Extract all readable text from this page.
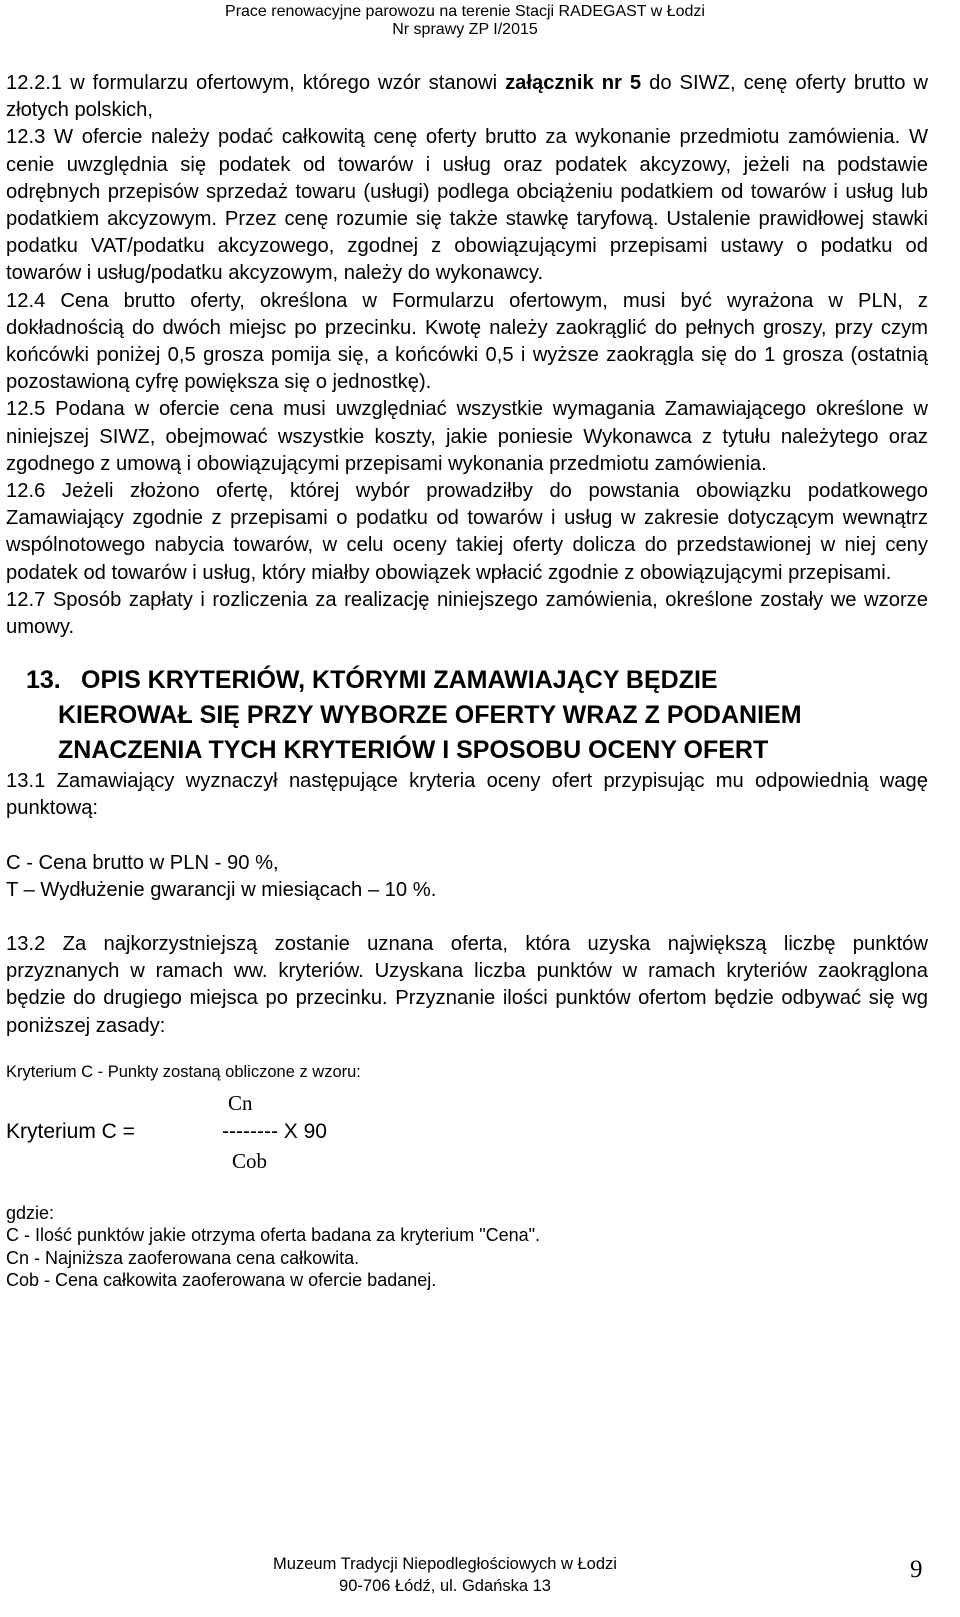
Prace renowacyjne parowozu na terenie Stacji RADEGAST w Łodzi
Nr sprawy ZP I/2015

12.2.1 w formularzu ofertowym, którego wzór stanowi załącznik nr 5 do SIWZ, cenę oferty brutto w złotych polskich,

12.3 W ofercie należy podać całkowitą cenę oferty brutto za wykonanie przedmiotu zamówienia. W cenie uwzględnia się podatek od towarów i usług oraz podatek akcyzowy, jeżeli na podstawie odrębnych przepisów sprzedaż towaru (usługi) podlega obciążeniu podatkiem od towarów i usług lub podatkiem akcyzowym. Przez cenę rozumie się także stawkę taryfową. Ustalenie prawidłowej stawki podatku VAT/podatku akcyzowego, zgodnej z obowiązującymi przepisami ustawy o podatku od towarów i usług/podatku akcyzowym, należy do wykonawcy.

12.4 Cena brutto oferty, określona w Formularzu ofertowym, musi być wyrażona w PLN, z dokładnością do dwóch miejsc po przecinku. Kwotę należy zaokrąglić do pełnych groszy, przy czym końcówki poniżej 0,5 grosza pomija się, a końcówki 0,5 i wyższe zaokrągla się do 1 grosza (ostatnią pozostawioną cyfrę powiększa się o jednostkę).

12.5 Podana w ofercie cena musi uwzględniać wszystkie wymagania Zamawiającego określone w niniejszej SIWZ, obejmować wszystkie koszty, jakie poniesie Wykonawca z tytułu należytego oraz zgodnego z umową i obowiązującymi przepisami wykonania przedmiotu zamówienia.

12.6 Jeżeli złożono ofertę, której wybór prowadziłby do powstania obowiązku podatkowego Zamawiający zgodnie z przepisami o podatku od towarów i usług w zakresie dotyczącym wewnątrz wspólnotowego nabycia towarów, w celu oceny takiej oferty dolicza do przedstawionej w niej ceny podatek od towarów i usług, który miałby obowiązek wpłacić zgodnie z obowiązującymi przepisami.

12.7 Sposób zapłaty i rozliczenia za realizację niniejszego zamówienia, określone zostały we wzorze umowy.

13. OPIS KRYTERIÓW, KTÓRYMI ZAMAWIAJĄCY BĘDZIE
KIEROWAŁ SIĘ PRZY WYBORZE OFERTY WRAZ Z PODANIEM
ZNACZENIA TYCH KRYTERIÓW I SPOSOBU OCENY OFERT

13.1 Zamawiający wyznaczył następujące kryteria oceny ofert przypisując mu odpowiednią wagę punktową:

C - Cena brutto w PLN - 90 %,

T – Wydłużenie gwarancji w miesiącach – 10 %.

13.2 Za najkorzystniejszą zostanie uznana oferta, która uzyska największą liczbę punktów przyznanych w ramach ww. kryteriów. Uzyskana liczba punktów w ramach kryteriów zaokrąglona będzie do drugiego miejsca po przecinku. Przyznanie ilości punktów ofertom będzie odbywać się wg poniższej zasady:

Kryterium C - Punkty zostaną obliczone z wzoru:

Cn
Kryterium C =	-------- X 90
Cob

gdzie:

C - Ilość punktów jakie otrzyma oferta badana za kryterium "Cena".

Cn - Najniższa zaoferowana cena całkowita.

Cob - Cena całkowita zaoferowana w ofercie badanej.

Muzeum Tradycji Niepodległościowych w Łodzi
90-706 Łódź, ul. Gdańska 13
9
